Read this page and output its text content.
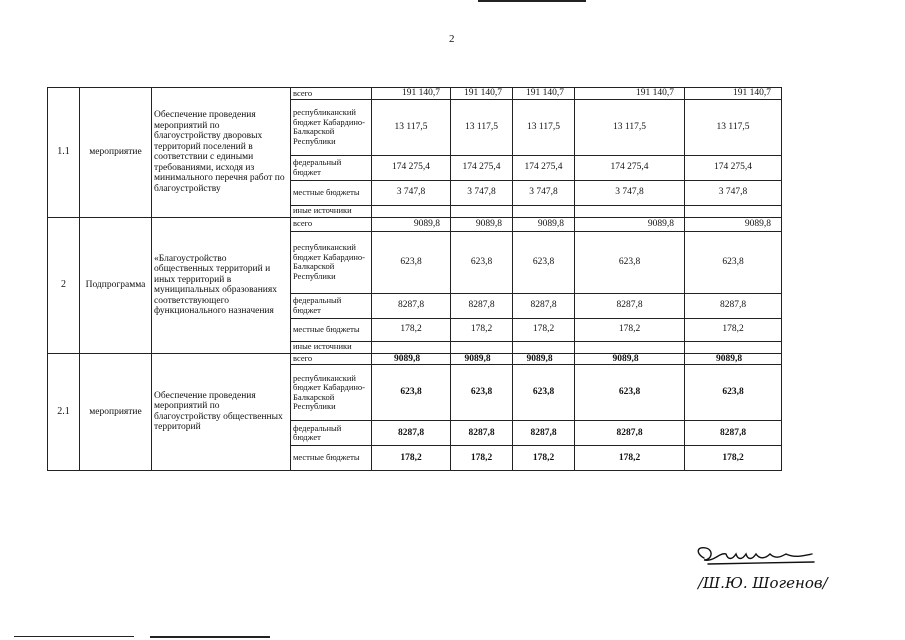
2
1.1	мероприятие	Обеспечение проведения мероприятий по благоустройству дворовых территорий поселений в соответствии с едиными требованиями, исходя из минимального перечня работ по благоустройству	всего	191 140,7	191 140,7	191 140,7	191 140,7	191 140,7
			республиканский бюджет Кабардино-Балкарской Республики	13 117,5	13 117,5	13 117,5	13 117,5	13 117,5
			федеральный бюджет	174 275,4	174 275,4	174 275,4	174 275,4	174 275,4
			местные бюджеты	3 747,8	3 747,8	3 747,8	3 747,8	3 747,8
			иные источники					
2	Подпрограмма	«Благоустройство общественных территорий и иных территорий в муниципальных образованиях соответствующего функционального назначения	всего	9089,8	9089,8	9089,8	9089,8	9089,8
			республиканский бюджет Кабардино-Балкарской Республики	623,8	623,8	623,8	623,8	623,8
			федеральный бюджет	8287,8	8287,8	8287,8	8287,8	8287,8
			местные бюджеты	178,2	178,2	178,2	178,2	178,2
			иные источники					
2.1	мероприятие	Обеспечение проведения мероприятий по благоустройству общественных территорий	всего	9089,8	9089,8	9089,8	9089,8	9089,8
			республиканский бюджет Кабардино-Балкарской Республики	623,8	623,8	623,8	623,8	623,8
			федеральный бюджет	8287,8	8287,8	8287,8	8287,8	8287,8
			местные бюджеты	178,2	178,2	178,2	178,2	178,2
/Ш.Ю. Шогенов/
